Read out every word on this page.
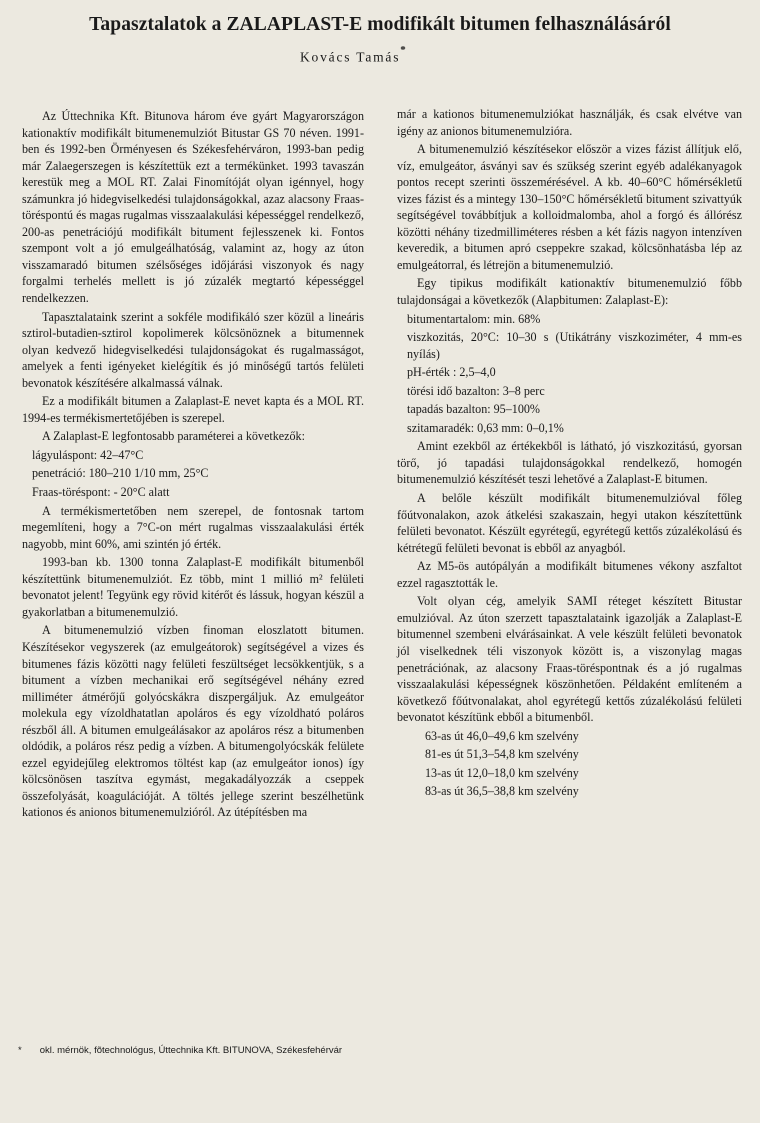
Tapasztalatok a ZALAPLAST-E modifikált bitumen felhasználásáról
Kovács Tamás*

Az Úttechnika Kft. Bitunova három éve gyárt Magyarországon kationaktív modifikált bitumenemulziót Bitustar GS 70 néven. 1991-ben és 1992-ben Örményesen és Székesfehérváron, 1993-ban pedig már Zalaegerszegen is készítettük ezt a termékünket. 1993 tavaszán kerestük meg a MOL RT. Zalai Finomítóját olyan igénnyel, hogy számunkra jó hidegviselkedési tulajdonságokkal, azaz alacsony Fraas-töréspontú és magas rugalmas visszaalakulási képességgel rendelkező, 200-as penetrációjú modifikált bitument fejlesszenek ki. Fontos szempont volt a jó emulgeálhatóság, valamint az, hogy az úton visszamaradó bitumen szélsőséges időjárási viszonyok és nagy forgalmi terhelés mellett is jó zúzalék megtartó képességgel rendelkezzen.

Tapasztalataink szerint a sokféle modifikáló szer közül a lineáris sztirol-butadien-sztirol kopolimerek kölcsönöznek a bitumennek olyan kedvező hidegviselkedési tulajdonságokat és rugalmasságot, amelyek a fenti igényeket kielégítik és jó minőségű tartós felületi bevonatok készítésére alkalmassá válnak.

Ez a modifikált bitumen a Zalaplast-E nevet kapta és a MOL RT. 1994-es termékismertetőjében is szerepel.

A Zalaplast-E legfontosabb paraméterei a következők:

lágyuláspont: 42–47°C

penetráció: 180–210 1/10 mm, 25°C

Fraas-töréspont: - 20°C alatt

A termékismertetőben nem szerepel, de fontosnak tartom megemlíteni, hogy a 7°C-on mért rugalmas visszaalakulási érték nagyobb, mint 60%, ami szintén jó érték.

1993-ban kb. 1300 tonna Zalaplast-E modifikált bitumenből készítettünk bitumenemulziót. Ez több, mint 1 millió m² felületi bevonatot jelent! Tegyünk egy rövid kitérőt és lássuk, hogyan készül a gyakorlatban a bitumenemulzió.

A bitumenemulzió vízben finoman eloszlatott bitumen. Készítésekor vegyszerek (az emulgeátorok) segítségével a vizes és bitumenes fázis közötti nagy felületi feszültséget lecsökkentjük, s a bitument a vízben mechanikai erő segítségével néhány ezred milliméter átmérőjű golyócskákra diszpergáljuk. Az emulgeátor molekula egy vízoldhatatlan apoláros és egy vízoldható poláros részből áll. A bitumen emulgeálásakor az apoláros rész a bitumenben oldódik, a poláros rész pedig a vízben. A bitumengolyócskák felülete ezzel egyidejűleg elektromos töltést kap (az emulgeátor ionos) így kölcsönösen taszítva egymást, megakadályozzák a cseppek összefolyását, koagulációját. A töltés jellege szerint beszélhetünk kationos és anionos bitumenemulzióról. Az útépítésben ma

már a kationos bitumenemulziókat használják, és csak elvétve van igény az anionos bitumenemulzióra.

A bitumenemulzió készítésekor először a vizes fázist állítjuk elő, víz, emulgeátor, ásványi sav és szükség szerint egyéb adalékanyagok pontos recept szerinti összemérésével. A kb. 40–60°C hőmérsékletű vizes fázist és a mintegy 130–150°C hőmérsékletű bitument szivattyúk segítségével továbbítjuk a kolloidmalomba, ahol a forgó és állórész közötti néhány tizedmilliméteres résben a két fázis nagyon intenzíven keveredik, a bitumen apró cseppekre szakad, kölcsönhatásba lép az emulgeátorral, és létrejön a bitumenemulzió.

Egy tipikus modifikált kationaktív bitumenemulzió főbb tulajdonságai a következők (Alapbitumen: Zalaplast-E):

bitumentartalom: min. 68%

viszkozitás, 20°C: 10–30 s (Utikátrány viszkoziméter, 4 mm-es nyílás)

pH-érték : 2,5–4,0

törési idő bazalton: 3–8 perc

tapadás bazalton: 95–100%

szitamaradék: 0,63 mm: 0–0,1%

Amint ezekből az értékekből is látható, jó viszkozitású, gyorsan törő, jó tapadási tulajdonságokkal rendelkező, homogén bitumenemulzió készítését teszi lehetővé a Zalaplast-E bitumen.

A belőle készült modifikált bitumenemulzióval főleg főútvonalakon, azok átkelési szakaszain, hegyi utakon készítettünk felületi bevonatot. Készült egyrétegű, egyrétegű kettős zúzalékolású és kétrétegű felületi bevonat is ebből az anyagból.

Az M5-ös autópályán a modifikált bitumenes vékony aszfaltot ezzel ragasztották le.

Volt olyan cég, amelyik SAMI réteget készített Bitustar emulzióval. Az úton szerzett tapasztalataink igazolják a Zalaplast-E bitumennel szembeni elvárásainkat. A vele készült felületi bevonatok jól viselkednek téli viszonyok között is, a viszonylag magas penetrációnak, az alacsony Fraas-töréspontnak és a jó rugalmas visszaalakulási képességnek köszönhetően. Példaként említeném a következő főútvonalakat, ahol egyrétegű kettős zúzalékolású felületi bevonatot készítünk ebből a bitumenből.

63-as út 46,0–49,6 km szelvény

81-es út 51,3–54,8 km szelvény

13-as út 12,0–18,0 km szelvény

83-as út 36,5–38,8 km szelvény

* okl. mérnök, fõtechnológus, Úttechnika Kft. BITUNOVA, Székesfehérvár
